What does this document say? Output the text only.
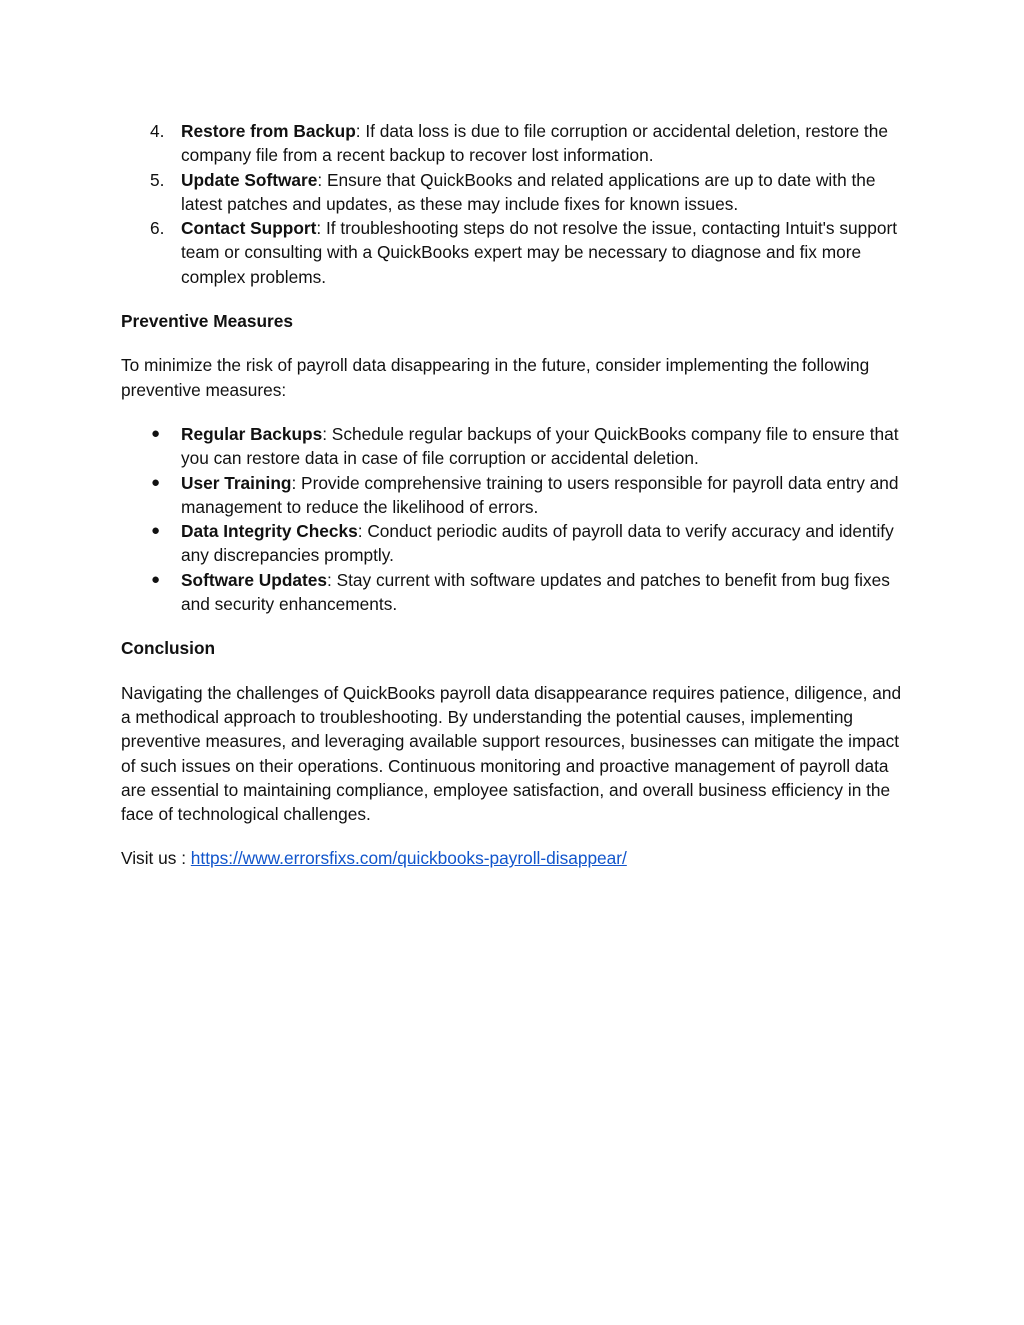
4. Restore from Backup: If data loss is due to file corruption or accidental deletion, restore the company file from a recent backup to recover lost information.
5. Update Software: Ensure that QuickBooks and related applications are up to date with the latest patches and updates, as these may include fixes for known issues.
6. Contact Support: If troubleshooting steps do not resolve the issue, contacting Intuit's support team or consulting with a QuickBooks expert may be necessary to diagnose and fix more complex problems.
Preventive Measures
To minimize the risk of payroll data disappearing in the future, consider implementing the following preventive measures:
● Regular Backups: Schedule regular backups of your QuickBooks company file to ensure that you can restore data in case of file corruption or accidental deletion.
● User Training: Provide comprehensive training to users responsible for payroll data entry and management to reduce the likelihood of errors.
● Data Integrity Checks: Conduct periodic audits of payroll data to verify accuracy and identify any discrepancies promptly.
● Software Updates: Stay current with software updates and patches to benefit from bug fixes and security enhancements.
Conclusion
Navigating the challenges of QuickBooks payroll data disappearance requires patience, diligence, and a methodical approach to troubleshooting. By understanding the potential causes, implementing preventive measures, and leveraging available support resources, businesses can mitigate the impact of such issues on their operations. Continuous monitoring and proactive management of payroll data are essential to maintaining compliance, employee satisfaction, and overall business efficiency in the face of technological challenges.
Visit us : https://www.errorsfixs.com/quickbooks-payroll-disappear/
